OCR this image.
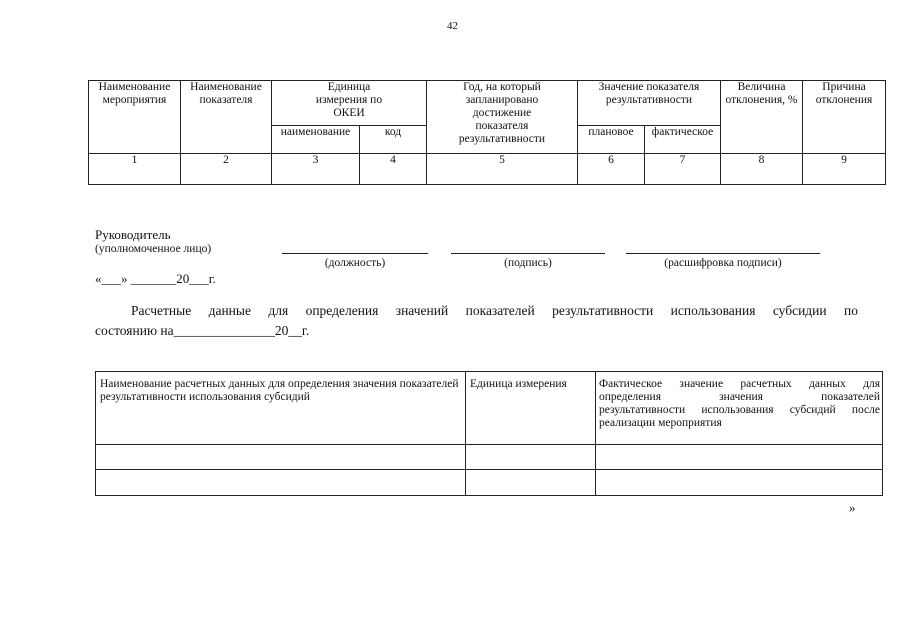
42
Наименование мероприятия	Наименование показателя	Единица измерения по ОКЕИ		Год, на который запланировано достижение показателя результативности	Значение показателя результативности		Величина отклонения, %	Причина отклонения
		наименование	код		плановое	фактическое		
1	2	3	4	5	6	7	8	9
Руководитель
(уполномоченное лицо)
(должность)	(подпись)	(расшифровка подписи)
«___» _______20___г.
Расчетные данные для определения значений показателей результативности использования субсидии по
состоянию на_______________20__г.
Наименование расчетных данных для определения значения показателей результативности использования субсидий	Единица измерения	Фактическое значение расчетных данных для
определения значения показателей
результативности использования субсидий после
реализации мероприятия

»
